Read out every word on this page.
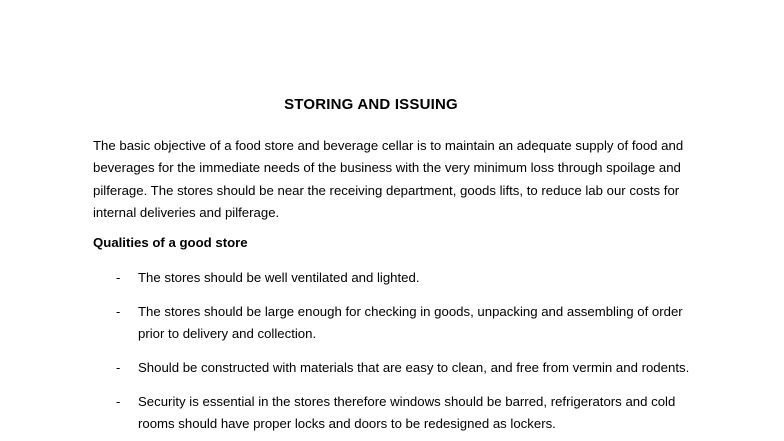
STORING AND ISSUING

The basic objective of a food store and beverage cellar is to maintain an adequate supply of food and beverages for the immediate needs of the business with the very minimum loss through spoilage and pilferage. The stores should be near the receiving department, goods lifts, to reduce lab our costs for internal deliveries and pilferage.

Qualities of a good store
- The stores should be well ventilated and lighted.
- The stores should be large enough for checking in goods, unpacking and assembling of order prior to delivery and collection.
- Should be constructed with materials that are easy to clean, and free from vermin and rodents.
- Security is essential in the stores therefore windows should be barred, refrigerators and cold rooms should have proper locks and doors to be redesigned as lockers.
